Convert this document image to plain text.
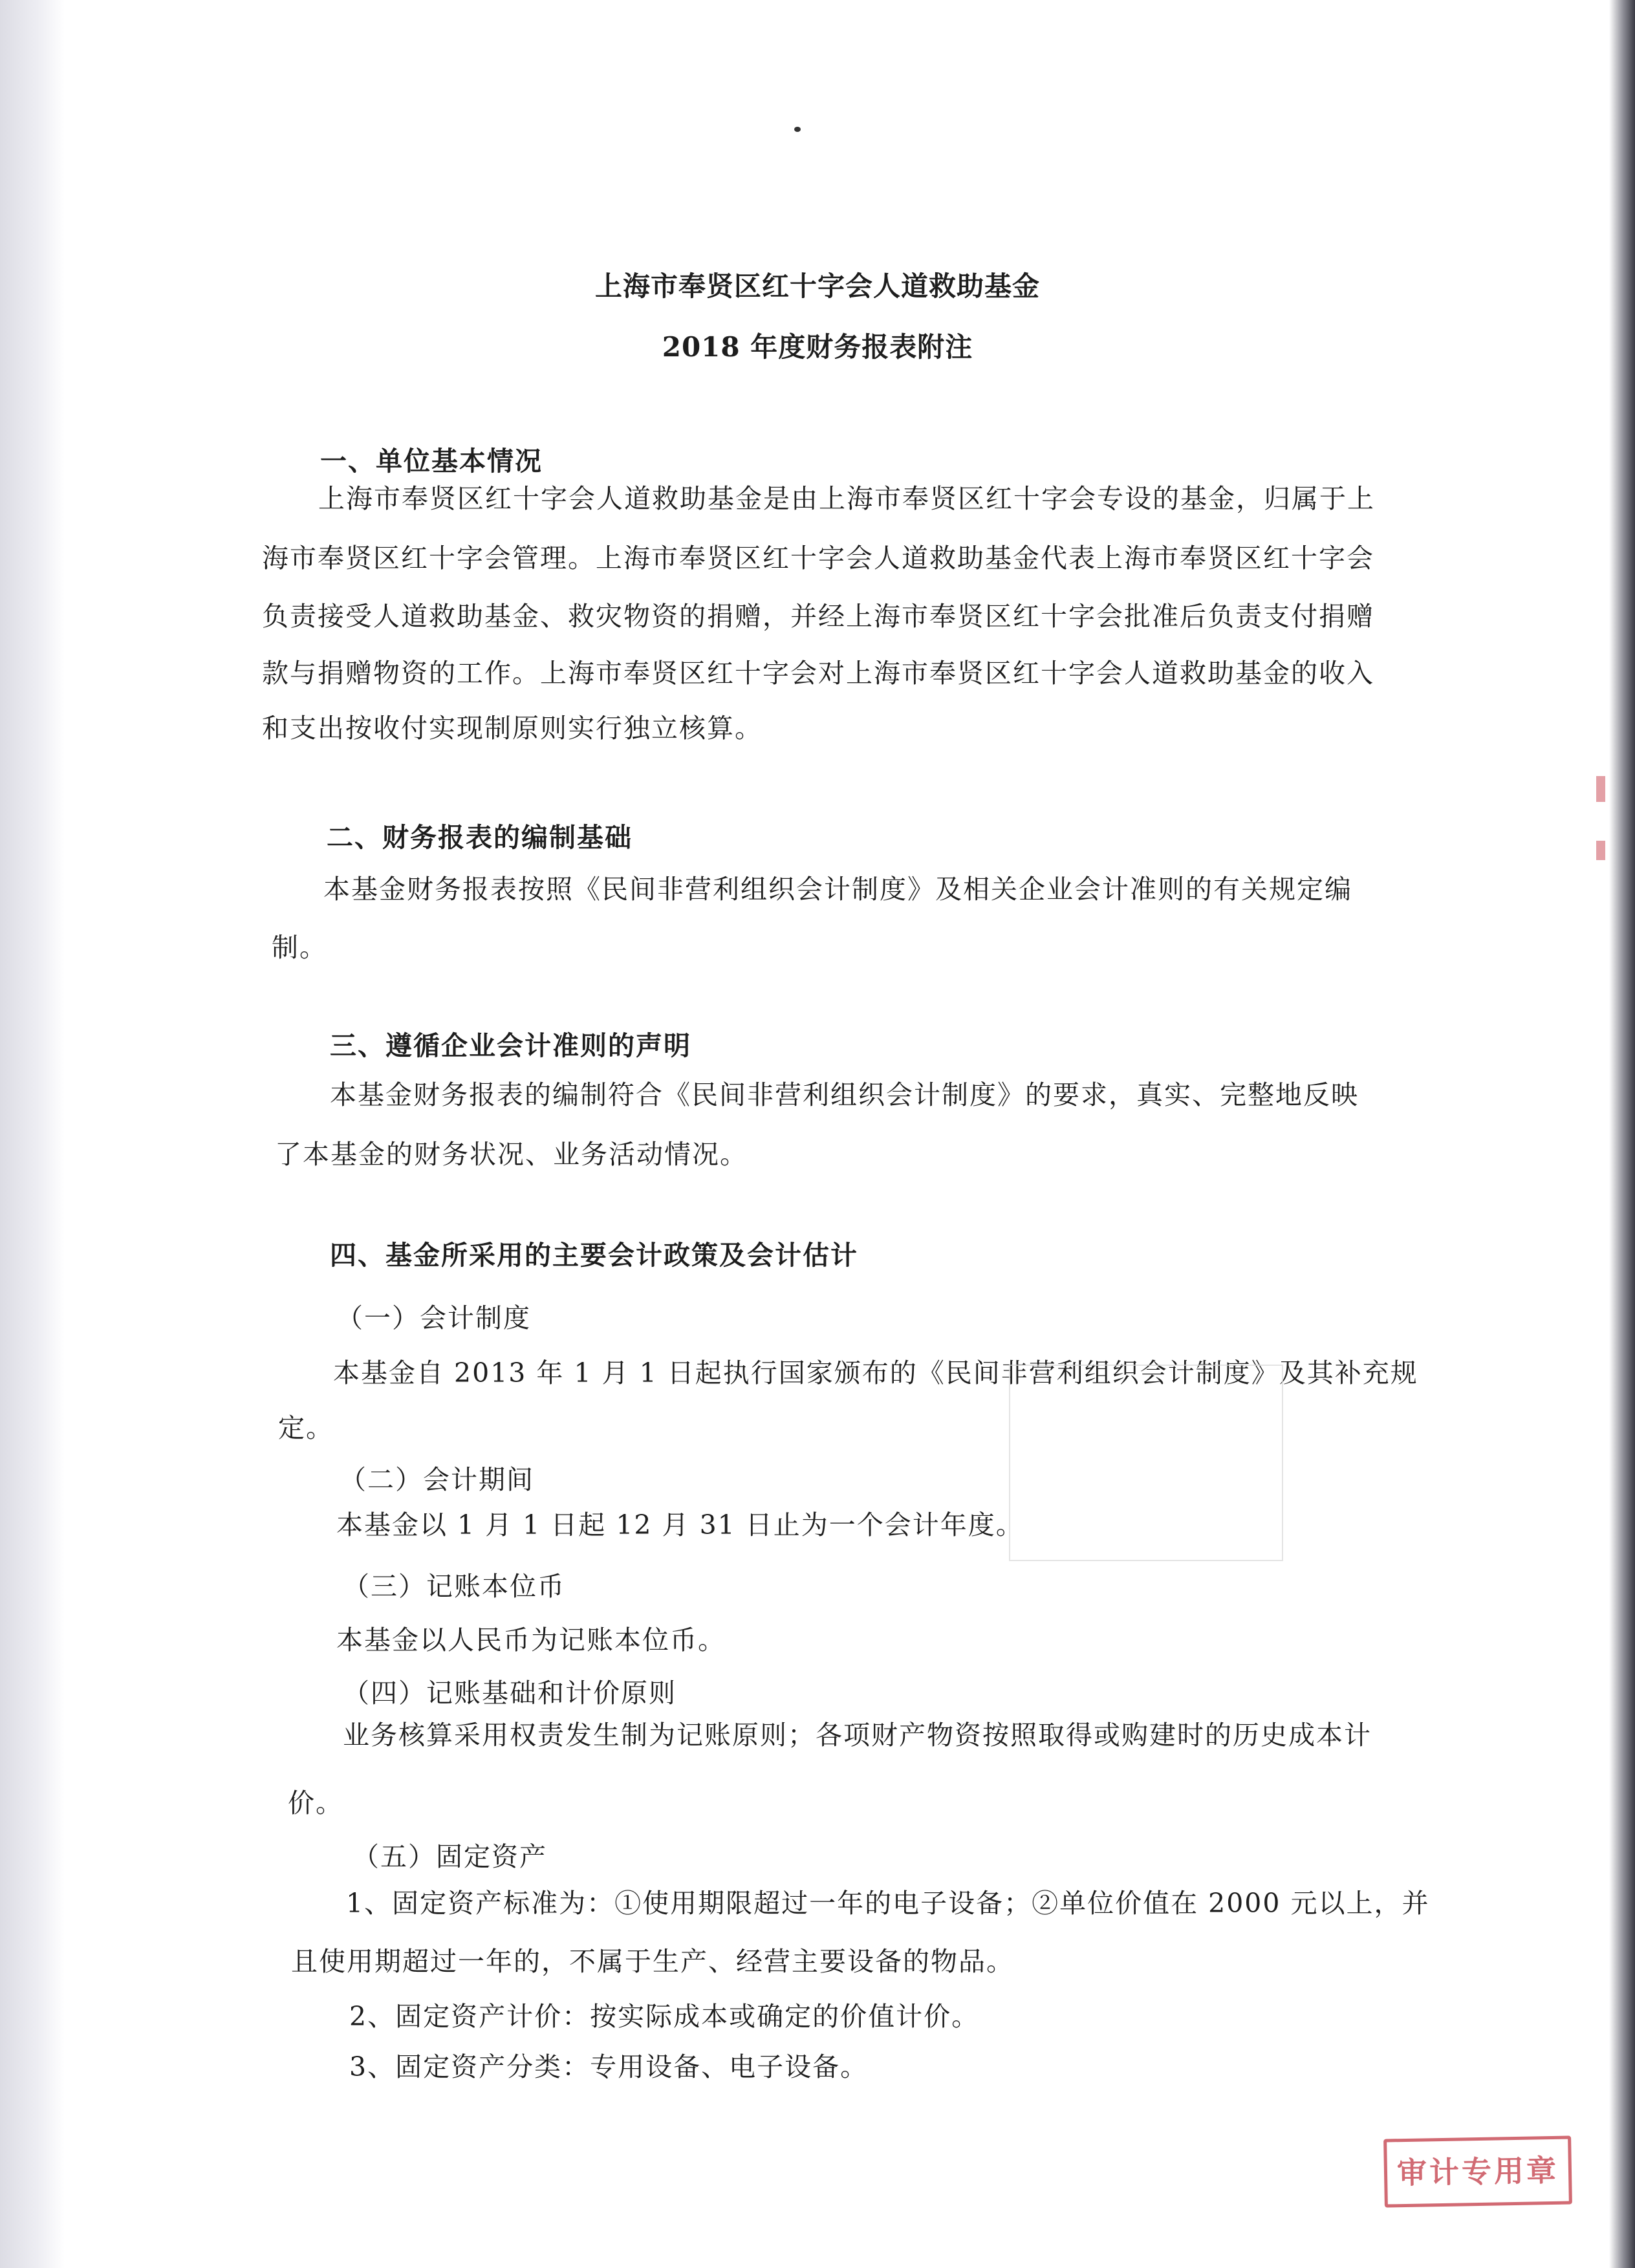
上海市奉贤区红十字会人道救助基金
2018 年度财务报表附注
一、单位基本情况
上海市奉贤区红十字会人道救助基金是由上海市奉贤区红十字会专设的基金，归属于上
海市奉贤区红十字会管理。上海市奉贤区红十字会人道救助基金代表上海市奉贤区红十字会
负责接受人道救助基金、救灾物资的捐赠，并经上海市奉贤区红十字会批准后负责支付捐赠
款与捐赠物资的工作。上海市奉贤区红十字会对上海市奉贤区红十字会人道救助基金的收入
和支出按收付实现制原则实行独立核算。
二、财务报表的编制基础
本基金财务报表按照《民间非营利组织会计制度》及相关企业会计准则的有关规定编
制。
三、遵循企业会计准则的声明
本基金财务报表的编制符合《民间非营利组织会计制度》的要求，真实、完整地反映
了本基金的财务状况、业务活动情况。
四、基金所采用的主要会计政策及会计估计
（一）会计制度
本基金自 2013 年 1 月 1 日起执行国家颁布的《民间非营利组织会计制度》及其补充规
定。
（二）会计期间
本基金以 1 月 1 日起 12 月 31 日止为一个会计年度。
（三）记账本位币
本基金以人民币为记账本位币。
（四）记账基础和计价原则
业务核算采用权责发生制为记账原则；各项财产物资按照取得或购建时的历史成本计
价。
（五）固定资产
1、固定资产标准为：①使用期限超过一年的电子设备；②单位价值在 2000 元以上，并
且使用期超过一年的，不属于生产、经营主要设备的物品。
2、固定资产计价：按实际成本或确定的价值计价。
3、固定资产分类：专用设备、电子设备。
审计专用章
